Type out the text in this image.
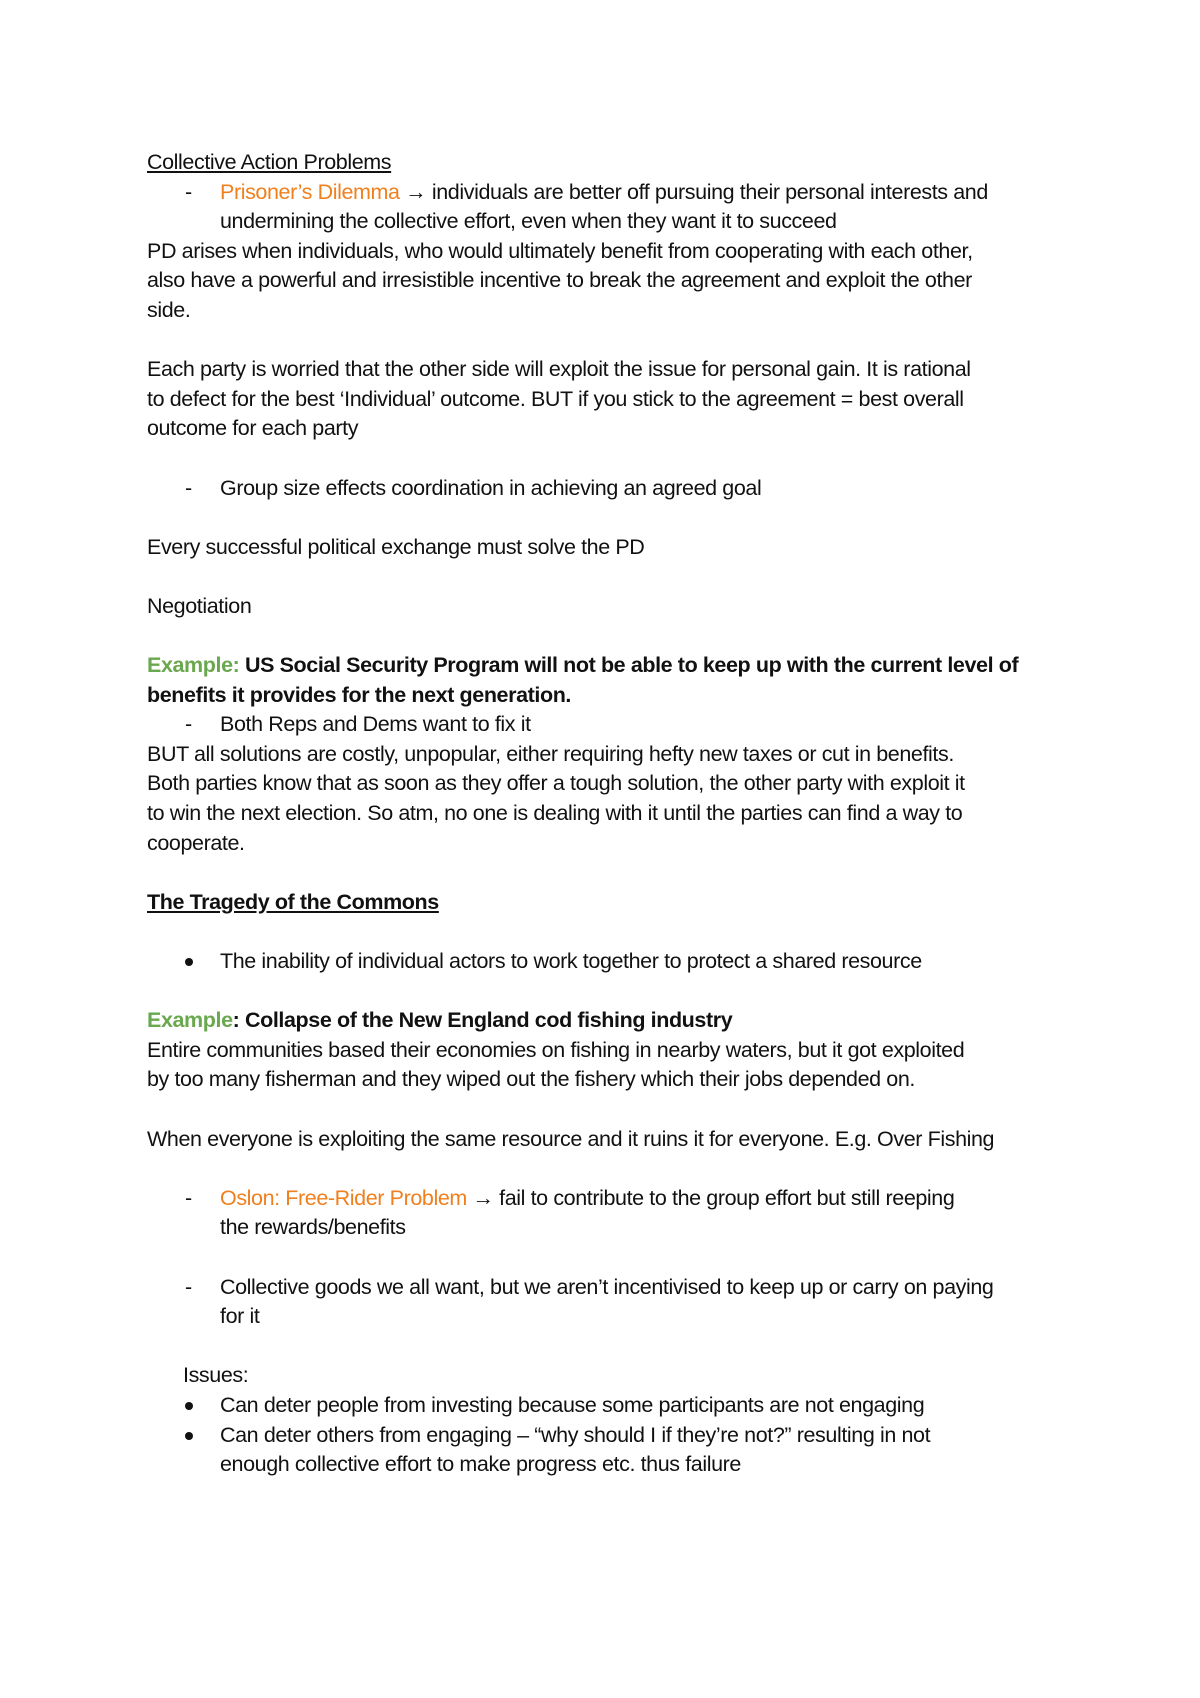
Collective Action Problems
- Prisoner’s Dilemma → individuals are better off pursuing their personal interests and
undermining the collective effort, even when they want it to succeed
PD arises when individuals, who would ultimately benefit from cooperating with each other,
also have a powerful and irresistible incentive to break the agreement and exploit the other
side.
Each party is worried that the other side will exploit the issue for personal gain. It is rational
to defect for the best ‘Individual’ outcome. BUT if you stick to the agreement = best overall
outcome for each party
- Group size effects coordination in achieving an agreed goal
Every successful political exchange must solve the PD
Negotiation
Example: US Social Security Program will not be able to keep up with the current level of
benefits it provides for the next generation.
- Both Reps and Dems want to fix it
BUT all solutions are costly, unpopular, either requiring hefty new taxes or cut in benefits.
Both parties know that as soon as they offer a tough solution, the other party with exploit it
to win the next election. So atm, no one is dealing with it until the parties can find a way to
cooperate.
The Tragedy of the Commons
The inability of individual actors to work together to protect a shared resource
Example: Collapse of the New England cod fishing industry
Entire communities based their economies on fishing in nearby waters, but it got exploited
by too many fisherman and they wiped out the fishery which their jobs depended on.
When everyone is exploiting the same resource and it ruins it for everyone. E.g. Over Fishing
- Oslon: Free-Rider Problem → fail to contribute to the group effort but still reeping
the rewards/benefits
- Collective goods we all want, but we aren’t incentivised to keep up or carry on paying
for it
Issues:
Can deter people from investing because some participants are not engaging
Can deter others from engaging – “why should I if they’re not?” resulting in not
enough collective effort to make progress etc. thus failure
